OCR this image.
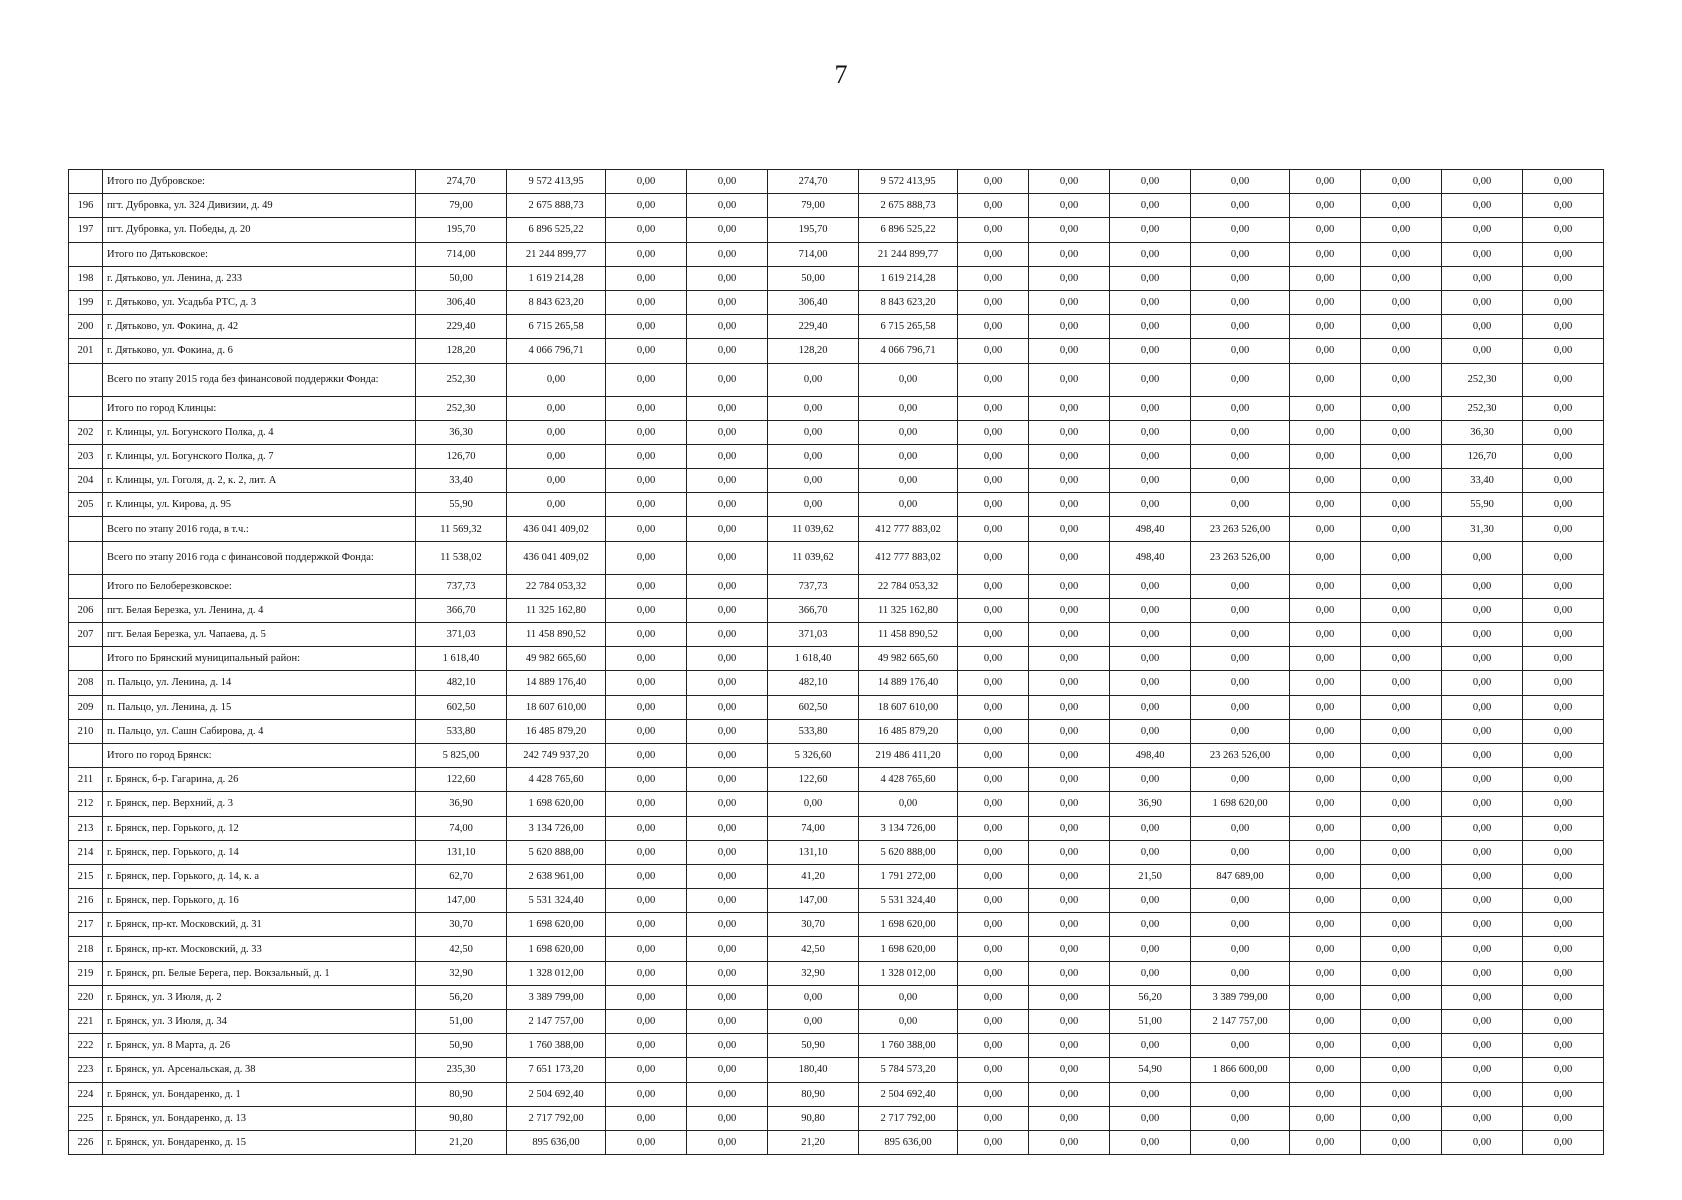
7
	Итого по Дубровское:	274,70	9 572 413,95	0,00	0,00	274,70	9 572 413,95	0,00	0,00	0,00	0,00	0,00	0,00	0,00	0,00
196	пгт. Дубровка, ул. 324 Дивизии, д. 49	79,00	2 675 888,73	0,00	0,00	79,00	2 675 888,73	0,00	0,00	0,00	0,00	0,00	0,00	0,00	0,00
197	пгт. Дубровка, ул. Победы, д. 20	195,70	6 896 525,22	0,00	0,00	195,70	6 896 525,22	0,00	0,00	0,00	0,00	0,00	0,00	0,00	0,00
	Итого по Дятьковское:	714,00	21 244 899,77	0,00	0,00	714,00	21 244 899,77	0,00	0,00	0,00	0,00	0,00	0,00	0,00	0,00
198	г. Дятьково, ул. Ленина, д. 233	50,00	1 619 214,28	0,00	0,00	50,00	1 619 214,28	0,00	0,00	0,00	0,00	0,00	0,00	0,00	0,00
199	г. Дятьково, ул. Усадьба РТС, д. 3	306,40	8 843 623,20	0,00	0,00	306,40	8 843 623,20	0,00	0,00	0,00	0,00	0,00	0,00	0,00	0,00
200	г. Дятьково, ул. Фокина, д. 42	229,40	6 715 265,58	0,00	0,00	229,40	6 715 265,58	0,00	0,00	0,00	0,00	0,00	0,00	0,00	0,00
201	г. Дятьково, ул. Фокина, д. 6	128,20	4 066 796,71	0,00	0,00	128,20	4 066 796,71	0,00	0,00	0,00	0,00	0,00	0,00	0,00	0,00
	Всего по этапу 2015 года без финансовой поддержки Фонда:	252,30	0,00	0,00	0,00	0,00	0,00	0,00	0,00	0,00	0,00	0,00	0,00	252,30	0,00
	Итого по город Клинцы:	252,30	0,00	0,00	0,00	0,00	0,00	0,00	0,00	0,00	0,00	0,00	0,00	252,30	0,00
202	г. Клинцы, ул. Богунского Полка, д. 4	36,30	0,00	0,00	0,00	0,00	0,00	0,00	0,00	0,00	0,00	0,00	0,00	36,30	0,00
203	г. Клинцы, ул. Богунского Полка, д. 7	126,70	0,00	0,00	0,00	0,00	0,00	0,00	0,00	0,00	0,00	0,00	0,00	126,70	0,00
204	г. Клинцы, ул. Гоголя, д. 2, к. 2, лит. А	33,40	0,00	0,00	0,00	0,00	0,00	0,00	0,00	0,00	0,00	0,00	0,00	33,40	0,00
205	г. Клинцы, ул. Кирова, д. 95	55,90	0,00	0,00	0,00	0,00	0,00	0,00	0,00	0,00	0,00	0,00	0,00	55,90	0,00
	Всего по этапу 2016 года, в т.ч.:	11 569,32	436 041 409,02	0,00	0,00	11 039,62	412 777 883,02	0,00	0,00	498,40	23 263 526,00	0,00	0,00	31,30	0,00
	Всего по этапу 2016 года с финансовой поддержкой Фонда:	11 538,02	436 041 409,02	0,00	0,00	11 039,62	412 777 883,02	0,00	0,00	498,40	23 263 526,00	0,00	0,00	0,00	0,00
	Итого по Белоберезковское:	737,73	22 784 053,32	0,00	0,00	737,73	22 784 053,32	0,00	0,00	0,00	0,00	0,00	0,00	0,00	0,00
206	пгт. Белая Березка, ул. Ленина, д. 4	366,70	11 325 162,80	0,00	0,00	366,70	11 325 162,80	0,00	0,00	0,00	0,00	0,00	0,00	0,00	0,00
207	пгт. Белая Березка, ул. Чапаева, д. 5	371,03	11 458 890,52	0,00	0,00	371,03	11 458 890,52	0,00	0,00	0,00	0,00	0,00	0,00	0,00	0,00
	Итого по Брянский муниципальный район:	1 618,40	49 982 665,60	0,00	0,00	1 618,40	49 982 665,60	0,00	0,00	0,00	0,00	0,00	0,00	0,00	0,00
208	п. Пальцо, ул. Ленина, д. 14	482,10	14 889 176,40	0,00	0,00	482,10	14 889 176,40	0,00	0,00	0,00	0,00	0,00	0,00	0,00	0,00
209	п. Пальцо, ул. Ленина, д. 15	602,50	18 607 610,00	0,00	0,00	602,50	18 607 610,00	0,00	0,00	0,00	0,00	0,00	0,00	0,00	0,00
210	п. Пальцо, ул. Сашн Сабирова, д. 4	533,80	16 485 879,20	0,00	0,00	533,80	16 485 879,20	0,00	0,00	0,00	0,00	0,00	0,00	0,00	0,00
	Итого по город Брянск:	5 825,00	242 749 937,20	0,00	0,00	5 326,60	219 486 411,20	0,00	0,00	498,40	23 263 526,00	0,00	0,00	0,00	0,00
211	г. Брянск, б-р. Гагарина, д. 26	122,60	4 428 765,60	0,00	0,00	122,60	4 428 765,60	0,00	0,00	0,00	0,00	0,00	0,00	0,00	0,00
212	г. Брянск, пер. Верхний, д. 3	36,90	1 698 620,00	0,00	0,00	0,00	0,00	0,00	0,00	36,90	1 698 620,00	0,00	0,00	0,00	0,00
213	г. Брянск, пер. Горького, д. 12	74,00	3 134 726,00	0,00	0,00	74,00	3 134 726,00	0,00	0,00	0,00	0,00	0,00	0,00	0,00	0,00
214	г. Брянск, пер. Горького, д. 14	131,10	5 620 888,00	0,00	0,00	131,10	5 620 888,00	0,00	0,00	0,00	0,00	0,00	0,00	0,00	0,00
215	г. Брянск, пер. Горького, д. 14, к. а	62,70	2 638 961,00	0,00	0,00	41,20	1 791 272,00	0,00	0,00	21,50	847 689,00	0,00	0,00	0,00	0,00
216	г. Брянск, пер. Горького, д. 16	147,00	5 531 324,40	0,00	0,00	147,00	5 531 324,40	0,00	0,00	0,00	0,00	0,00	0,00	0,00	0,00
217	г. Брянск, пр-кт. Московский, д. 31	30,70	1 698 620,00	0,00	0,00	30,70	1 698 620,00	0,00	0,00	0,00	0,00	0,00	0,00	0,00	0,00
218	г. Брянск, пр-кт. Московский, д. 33	42,50	1 698 620,00	0,00	0,00	42,50	1 698 620,00	0,00	0,00	0,00	0,00	0,00	0,00	0,00	0,00
219	г. Брянск, рп. Белые Берега, пер. Вокзальный, д. 1	32,90	1 328 012,00	0,00	0,00	32,90	1 328 012,00	0,00	0,00	0,00	0,00	0,00	0,00	0,00	0,00
220	г. Брянск, ул. 3 Июля, д. 2	56,20	3 389 799,00	0,00	0,00	0,00	0,00	0,00	0,00	56,20	3 389 799,00	0,00	0,00	0,00	0,00
221	г. Брянск, ул. 3 Июля, д. 34	51,00	2 147 757,00	0,00	0,00	0,00	0,00	0,00	0,00	51,00	2 147 757,00	0,00	0,00	0,00	0,00
222	г. Брянск, ул. 8 Марта, д. 26	50,90	1 760 388,00	0,00	0,00	50,90	1 760 388,00	0,00	0,00	0,00	0,00	0,00	0,00	0,00	0,00
223	г. Брянск, ул. Арсенальская, д. 38	235,30	7 651 173,20	0,00	0,00	180,40	5 784 573,20	0,00	0,00	54,90	1 866 600,00	0,00	0,00	0,00	0,00
224	г. Брянск, ул. Бондаренко, д. 1	80,90	2 504 692,40	0,00	0,00	80,90	2 504 692,40	0,00	0,00	0,00	0,00	0,00	0,00	0,00	0,00
225	г. Брянск, ул. Бондаренко, д. 13	90,80	2 717 792,00	0,00	0,00	90,80	2 717 792,00	0,00	0,00	0,00	0,00	0,00	0,00	0,00	0,00
226	г. Брянск, ул. Бондаренко, д. 15	21,20	895 636,00	0,00	0,00	21,20	895 636,00	0,00	0,00	0,00	0,00	0,00	0,00	0,00	0,00
